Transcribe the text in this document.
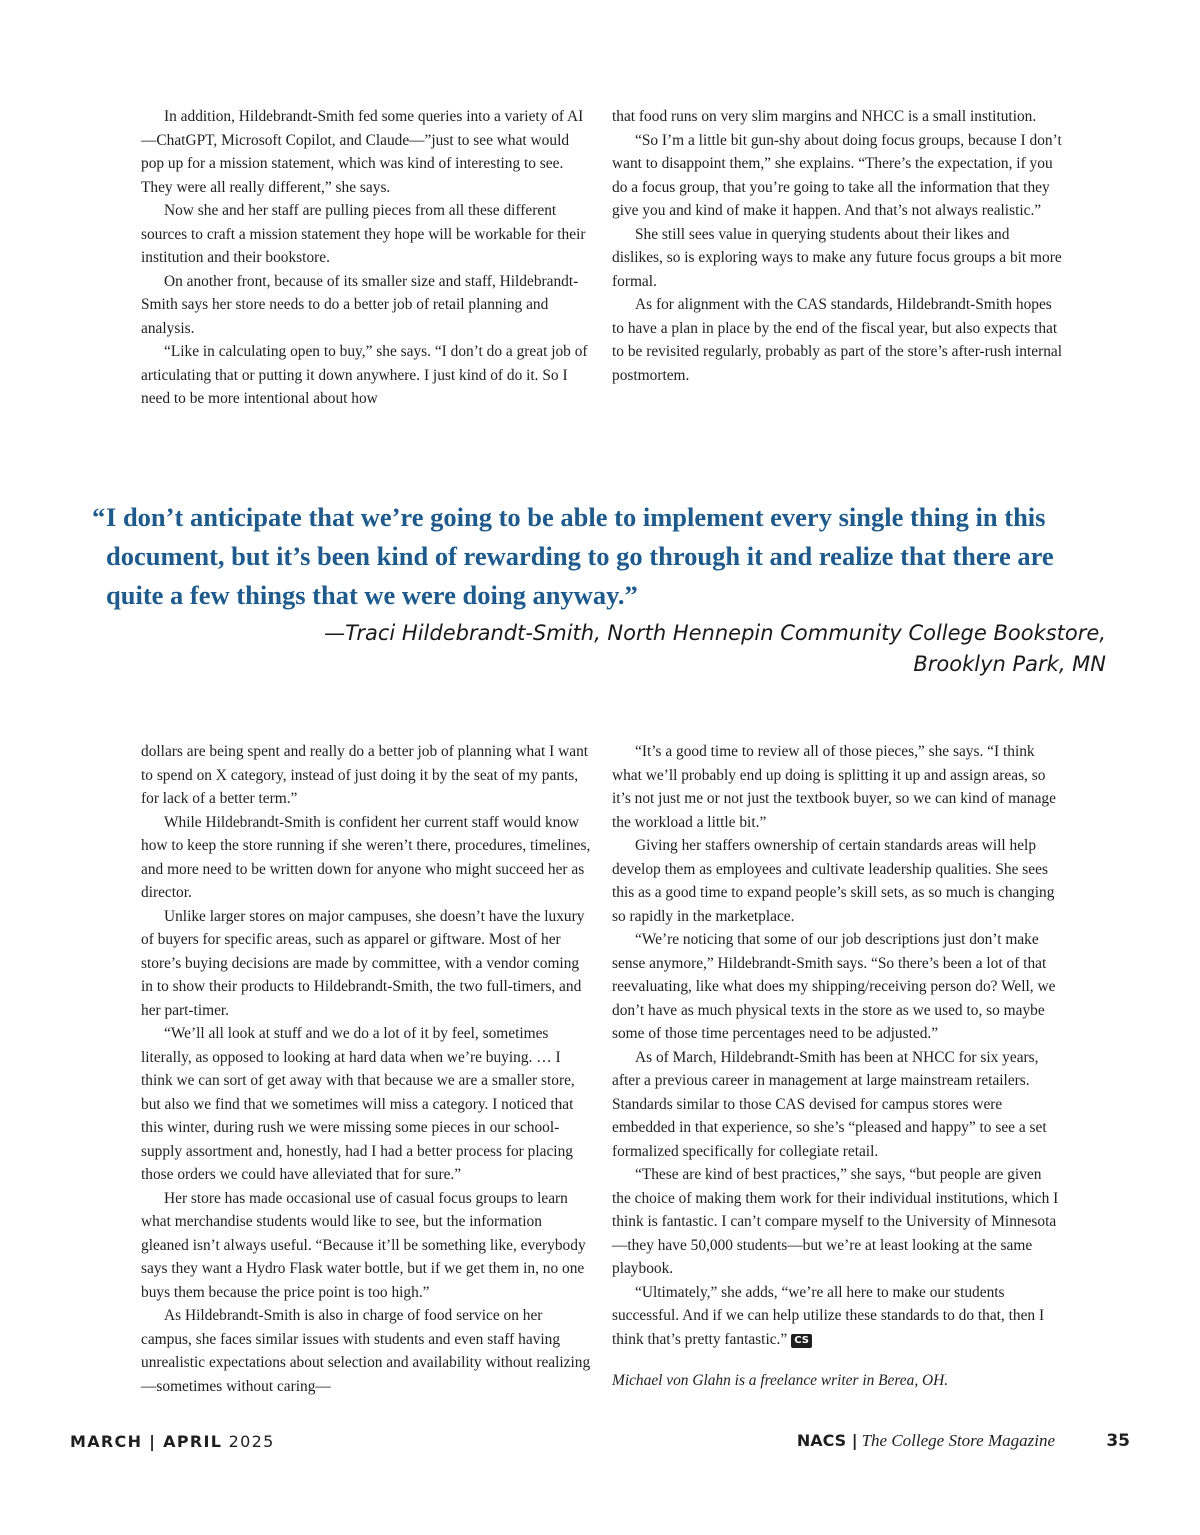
In addition, Hildebrandt-Smith fed some queries into a variety of AI—ChatGPT, Microsoft Copilot, and Claude—”just to see what would pop up for a mission statement, which was kind of interesting to see. They were all really different,” she says.

Now she and her staff are pulling pieces from all these different sources to craft a mission statement they hope will be workable for their institution and their bookstore.

On another front, because of its smaller size and staff, Hildebrandt-Smith says her store needs to do a better job of retail planning and analysis.

“Like in calculating open to buy,” she says. “I don’t do a great job of articulating that or putting it down anywhere. I just kind of do it. So I need to be more intentional about how

that food runs on very slim margins and NHCC is a small institution.

“So I’m a little bit gun-shy about doing focus groups, because I don’t want to disappoint them,” she explains. “There’s the expectation, if you do a focus group, that you’re going to take all the information that they give you and kind of make it happen. And that’s not always realistic.”

She still sees value in querying students about their likes and dislikes, so is exploring ways to make any future focus groups a bit more formal.

As for alignment with the CAS standards, Hildebrandt-Smith hopes to have a plan in place by the end of the fiscal year, but also expects that to be revisited regularly, probably as part of the store’s after-rush internal postmortem.

“ I don’t anticipate that we’re going to be able to implement every single thing in this document, but it’s been kind of rewarding to go through it and realize that there are quite a few things that we were doing anyway.”
—Traci Hildebrandt-Smith, North Hennepin Community College Bookstore,
Brooklyn Park, MN

dollars are being spent and really do a better job of planning what I want to spend on X category, instead of just doing it by the seat of my pants, for lack of a better term.”

While Hildebrandt-Smith is confident her current staff would know how to keep the store running if she weren’t there, procedures, timelines, and more need to be written down for anyone who might succeed her as director.

Unlike larger stores on major campuses, she doesn’t have the luxury of buyers for specific areas, such as apparel or giftware. Most of her store’s buying decisions are made by committee, with a vendor coming in to show their products to Hildebrandt-Smith, the two full-timers, and her part-timer.

“We’ll all look at stuff and we do a lot of it by feel, sometimes literally, as opposed to looking at hard data when we’re buying. … I think we can sort of get away with that because we are a smaller store, but also we find that we sometimes will miss a category. I noticed that this winter, during rush we were missing some pieces in our school-supply assortment and, honestly, had I had a better process for placing those orders we could have alleviated that for sure.”

Her store has made occasional use of casual focus groups to learn what merchandise students would like to see, but the information gleaned isn’t always useful. “Because it’ll be something like, everybody says they want a Hydro Flask water bottle, but if we get them in, no one buys them because the price point is too high.”

As Hildebrandt-Smith is also in charge of food service on her campus, she faces similar issues with students and even staff having unrealistic expectations about selection and availability without realizing—sometimes without caring—

“It’s a good time to review all of those pieces,” she says. “I think what we’ll probably end up doing is splitting it up and assign areas, so it’s not just me or not just the textbook buyer, so we can kind of manage the workload a little bit.”

Giving her staffers ownership of certain standards areas will help develop them as employees and cultivate leadership qualities. She sees this as a good time to expand people’s skill sets, as so much is changing so rapidly in the marketplace.

“We’re noticing that some of our job descriptions just don’t make sense anymore,” Hildebrandt-Smith says. “So there’s been a lot of that reevaluating, like what does my shipping/receiving person do? Well, we don’t have as much physical texts in the store as we used to, so maybe some of those time percentages need to be adjusted.”

As of March, Hildebrandt-Smith has been at NHCC for six years, after a previous career in management at large mainstream retailers. Standards similar to those CAS devised for campus stores were embedded in that experience, so she’s “pleased and happy” to see a set formalized specifically for collegiate retail.

“These are kind of best practices,” she says, “but people are given the choice of making them work for their individual institutions, which I think is fantastic. I can’t compare myself to the University of Minnesota—they have 50,000 students—but we’re at least looking at the same playbook.

“Ultimately,” she adds, “we’re all here to make our students successful. And if we can help utilize these standards to do that, then I think that’s pretty fantastic.” CS

Michael von Glahn is a freelance writer in Berea, OH.

MARCH | APRIL 2025	NACS | The College Store Magazine	35
